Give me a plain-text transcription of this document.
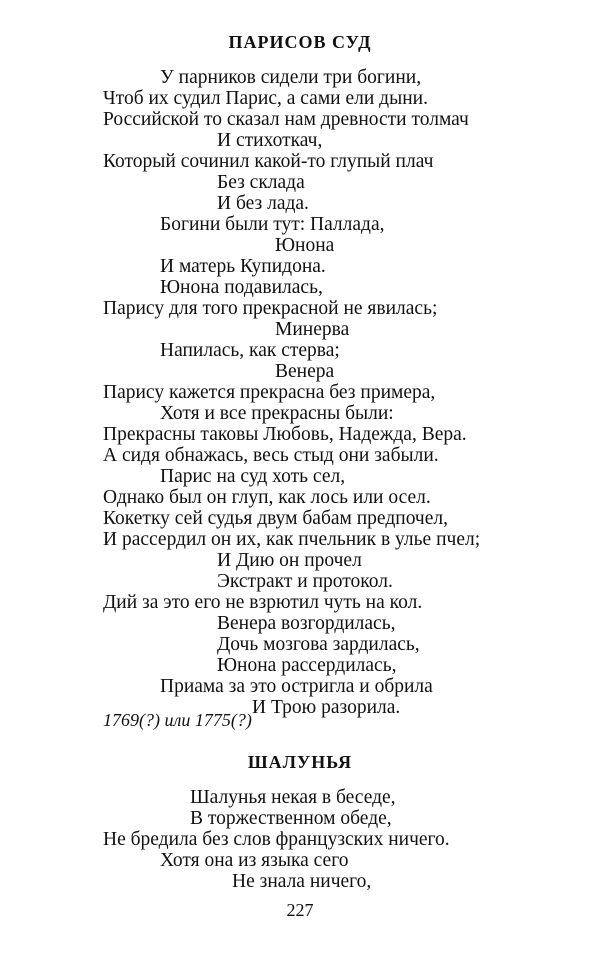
ПАРИСОВ СУД
У парников сидели три богини,
Чтоб их судил Парис, а сами ели дыни.
Российской то сказал нам древности толмач
И стихоткач,
Который сочинил какой-то глупый плач
Без склада
И без лада.
Богини были тут: Паллада,
Юнона
И матерь Купидона.
Юнона подавилась,
Парису для того прекрасной не явилась;
Минерва
Напилась, как стерва;
Венера
Парису кажется прекрасна без примера,
Хотя и все прекрасны были:
Прекрасны таковы Любовь, Надежда, Вера.
А сидя обнажась, весь стыд они забыли.
Парис на суд хоть сел,
Однако был он глуп, как лось или осел.
Кокетку сей судья двум бабам предпочел,
И рассердил он их, как пчельник в улье пчел;
И Дию он прочел
Экстракт и протокол.
Дий за это его не взрютил чуть на кол.
Венера возгордилась,
Дочь мозгова зардилась,
Юнона рассердилась,
Приама за это остригла и обрила
И Трою разорила.
1769(?) или 1775(?)
ШАЛУНЬЯ
Шалунья некая в беседе,
В торжественном обеде,
Не бредила без слов французских ничего.
Хотя она из языка сего
Не знала ничего,
227
